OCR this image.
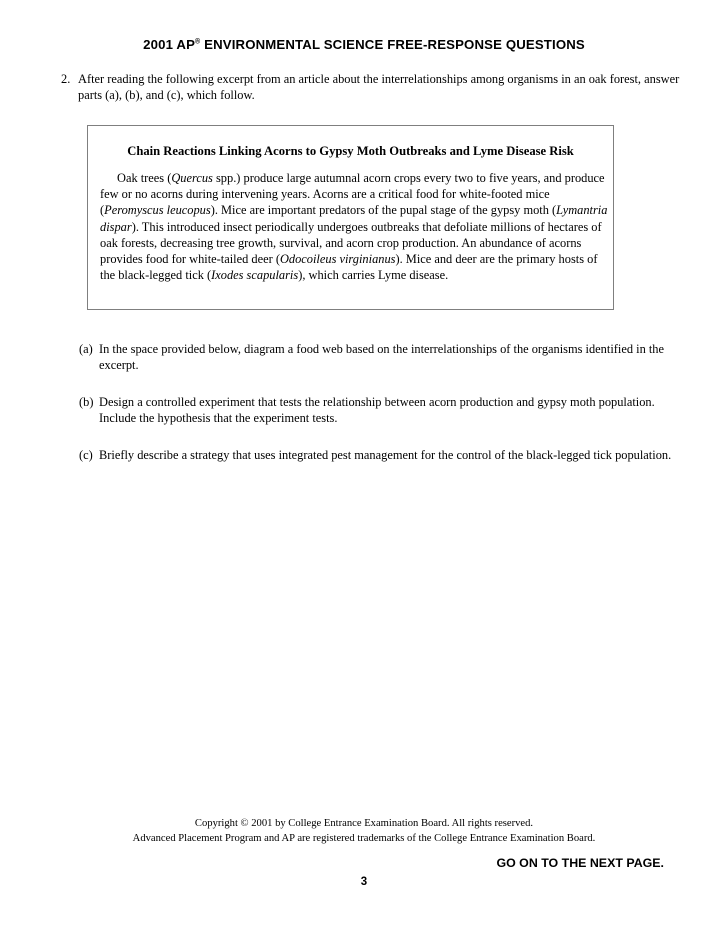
2001 AP® ENVIRONMENTAL SCIENCE FREE-RESPONSE QUESTIONS
2. After reading the following excerpt from an article about the interrelationships among organisms in an oak forest, answer parts (a), (b), and (c), which follow.
Chain Reactions Linking Acorns to Gypsy Moth Outbreaks and Lyme Disease Risk

Oak trees (Quercus spp.) produce large autumnal acorn crops every two to five years, and produce few or no acorns during intervening years. Acorns are a critical food for white-footed mice (Peromyscus leucopus). Mice are important predators of the pupal stage of the gypsy moth (Lymantria dispar). This introduced insect periodically undergoes outbreaks that defoliate millions of hectares of oak forests, decreasing tree growth, survival, and acorn crop production. An abundance of acorns provides food for white-tailed deer (Odocoileus virginianus). Mice and deer are the primary hosts of the black-legged tick (Ixodes scapularis), which carries Lyme disease.

(a) In the space provided below, diagram a food web based on the interrelationships of the organisms identified in the excerpt.
(b) Design a controlled experiment that tests the relationship between acorn production and gypsy moth population. Include the hypothesis that the experiment tests.
(c) Briefly describe a strategy that uses integrated pest management for the control of the black-legged tick population.
Copyright © 2001 by College Entrance Examination Board. All rights reserved.
Advanced Placement Program and AP are registered trademarks of the College Entrance Examination Board.
GO ON TO THE NEXT PAGE.
3
